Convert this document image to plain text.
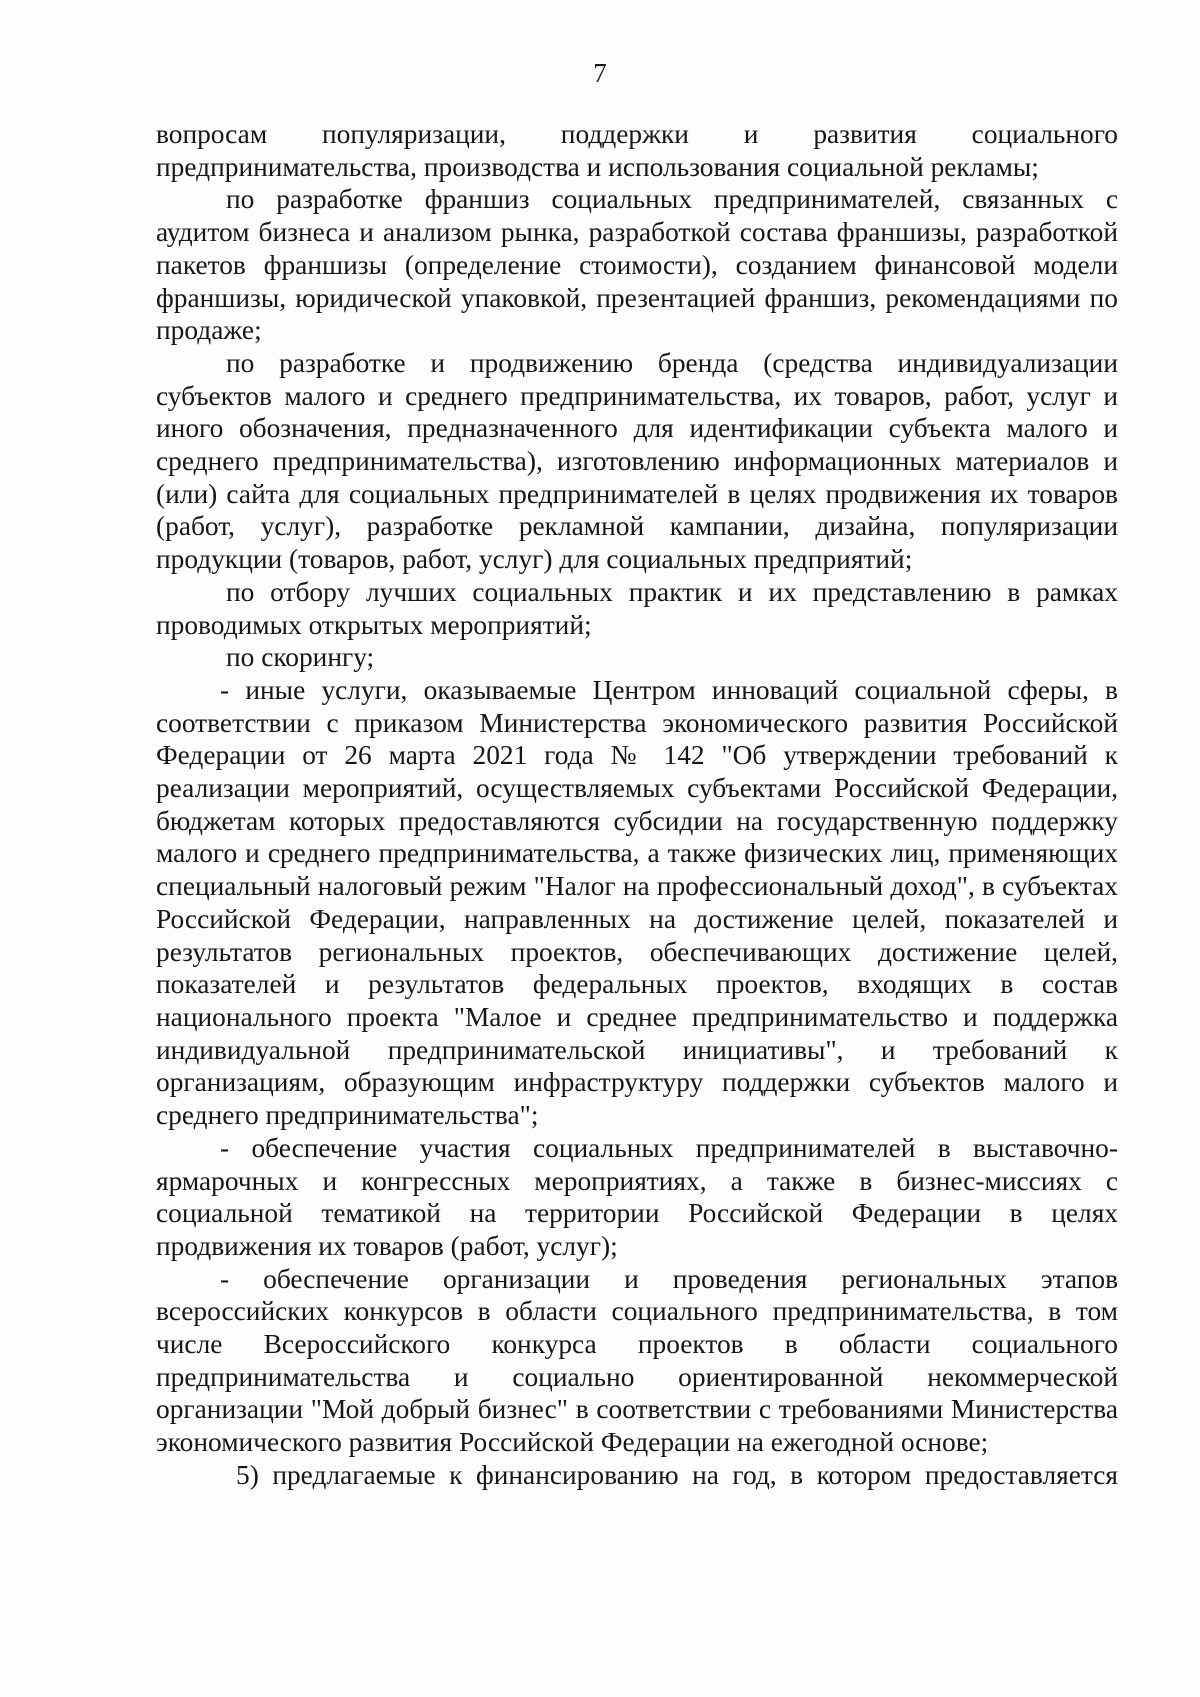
7

вопросам популяризации, поддержки и развития социального предпринимательства, производства и использования социальной рекламы;

по разработке франшиз социальных предпринимателей, связанных с аудитом бизнеса и анализом рынка, разработкой состава франшизы, разработкой пакетов франшизы (определение стоимости), созданием финансовой модели франшизы, юридической упаковкой, презентацией франшиз, рекомендациями по продаже;

по разработке и продвижению бренда (средства индивидуализации субъектов малого и среднего предпринимательства, их товаров, работ, услуг и иного обозначения, предназначенного для идентификации субъекта малого и среднего предпринимательства), изготовлению информационных материалов и (или) сайта для социальных предпринимателей в целях продвижения их товаров (работ, услуг), разработке рекламной кампании, дизайна, популяризации продукции (товаров, работ, услуг) для социальных предприятий;

по отбору лучших социальных практик и их представлению в рамках проводимых открытых мероприятий;

по скорингу;

- иные услуги, оказываемые Центром инноваций социальной сферы, в соответствии с приказом Министерства экономического развития Российской Федерации от 26 марта 2021 года № 142 "Об утверждении требований к реализации мероприятий, осуществляемых субъектами Российской Федерации, бюджетам которых предоставляются субсидии на государственную поддержку малого и среднего предпринимательства, а также физических лиц, применяющих специальный налоговый режим "Налог на профессиональный доход", в субъектах Российской Федерации, направленных на достижение целей, показателей и результатов региональных проектов, обеспечивающих достижение целей, показателей и результатов федеральных проектов, входящих в состав национального проекта "Малое и среднее предпринимательство и поддержка индивидуальной предпринимательской инициативы", и требований к организациям, образующим инфраструктуру поддержки субъектов малого и среднего предпринимательства";

- обеспечение участия социальных предпринимателей в выставочно-ярмарочных и конгрессных мероприятиях, а также в бизнес-миссиях с социальной тематикой на территории Российской Федерации в целях продвижения их товаров (работ, услуг);

- обеспечение организации и проведения региональных этапов всероссийских конкурсов в области социального предпринимательства, в том числе Всероссийского конкурса проектов в области социального предпринимательства и социально ориентированной некоммерческой организации "Мой добрый бизнес" в соответствии с требованиями Министерства экономического развития Российской Федерации на ежегодной основе;

5) предлагаемые к финансированию на год, в котором предоставляется
